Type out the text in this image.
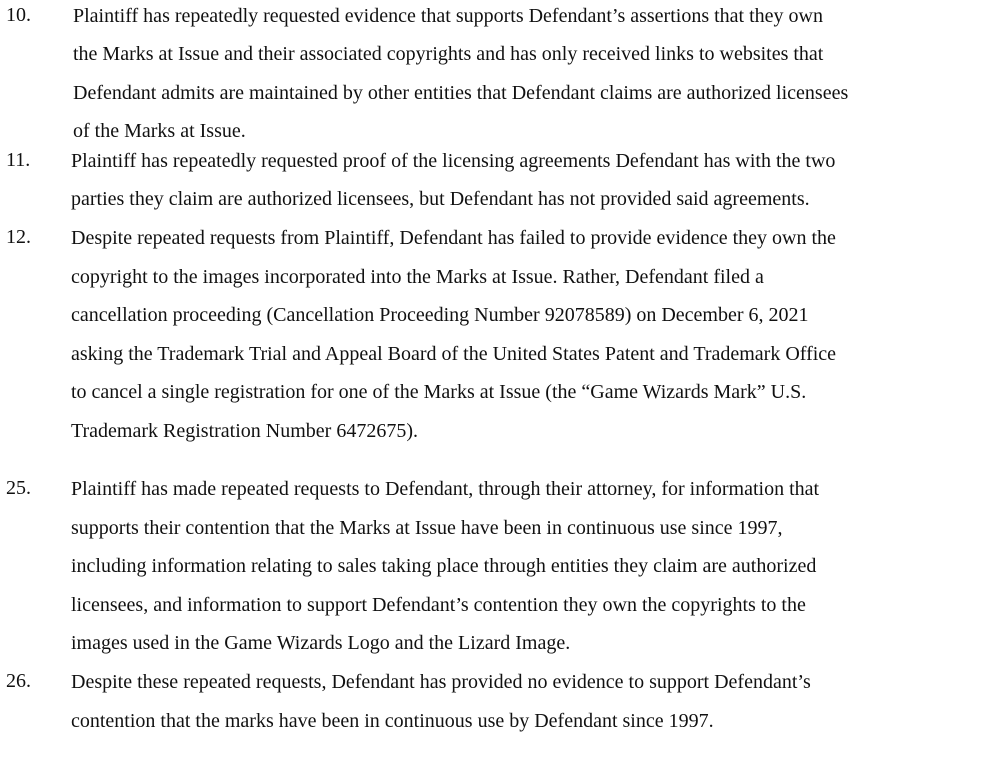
10. Plaintiff has repeatedly requested evidence that supports Defendant’s assertions that they own
the Marks at Issue and their associated copyrights and has only received links to websites that
Defendant admits are maintained by other entities that Defendant claims are authorized licensees
of the Marks at Issue.
11. Plaintiff has repeatedly requested proof of the licensing agreements Defendant has with the two
parties they claim are authorized licensees, but Defendant has not provided said agreements.
12. Despite repeated requests from Plaintiff, Defendant has failed to provide evidence they own the
copyright to the images incorporated into the Marks at Issue. Rather, Defendant filed a
cancellation proceeding (Cancellation Proceeding Number 92078589) on December 6, 2021
asking the Trademark Trial and Appeal Board of the United States Patent and Trademark Office
to cancel a single registration for one of the Marks at Issue (the “Game Wizards Mark” U.S.
Trademark Registration Number 6472675).
25. Plaintiff has made repeated requests to Defendant, through their attorney, for information that
supports their contention that the Marks at Issue have been in continuous use since 1997,
including information relating to sales taking place through entities they claim are authorized
licensees, and information to support Defendant’s contention they own the copyrights to the
images used in the Game Wizards Logo and the Lizard Image.
26. Despite these repeated requests, Defendant has provided no evidence to support Defendant’s
contention that the marks have been in continuous use by Defendant since 1997.
